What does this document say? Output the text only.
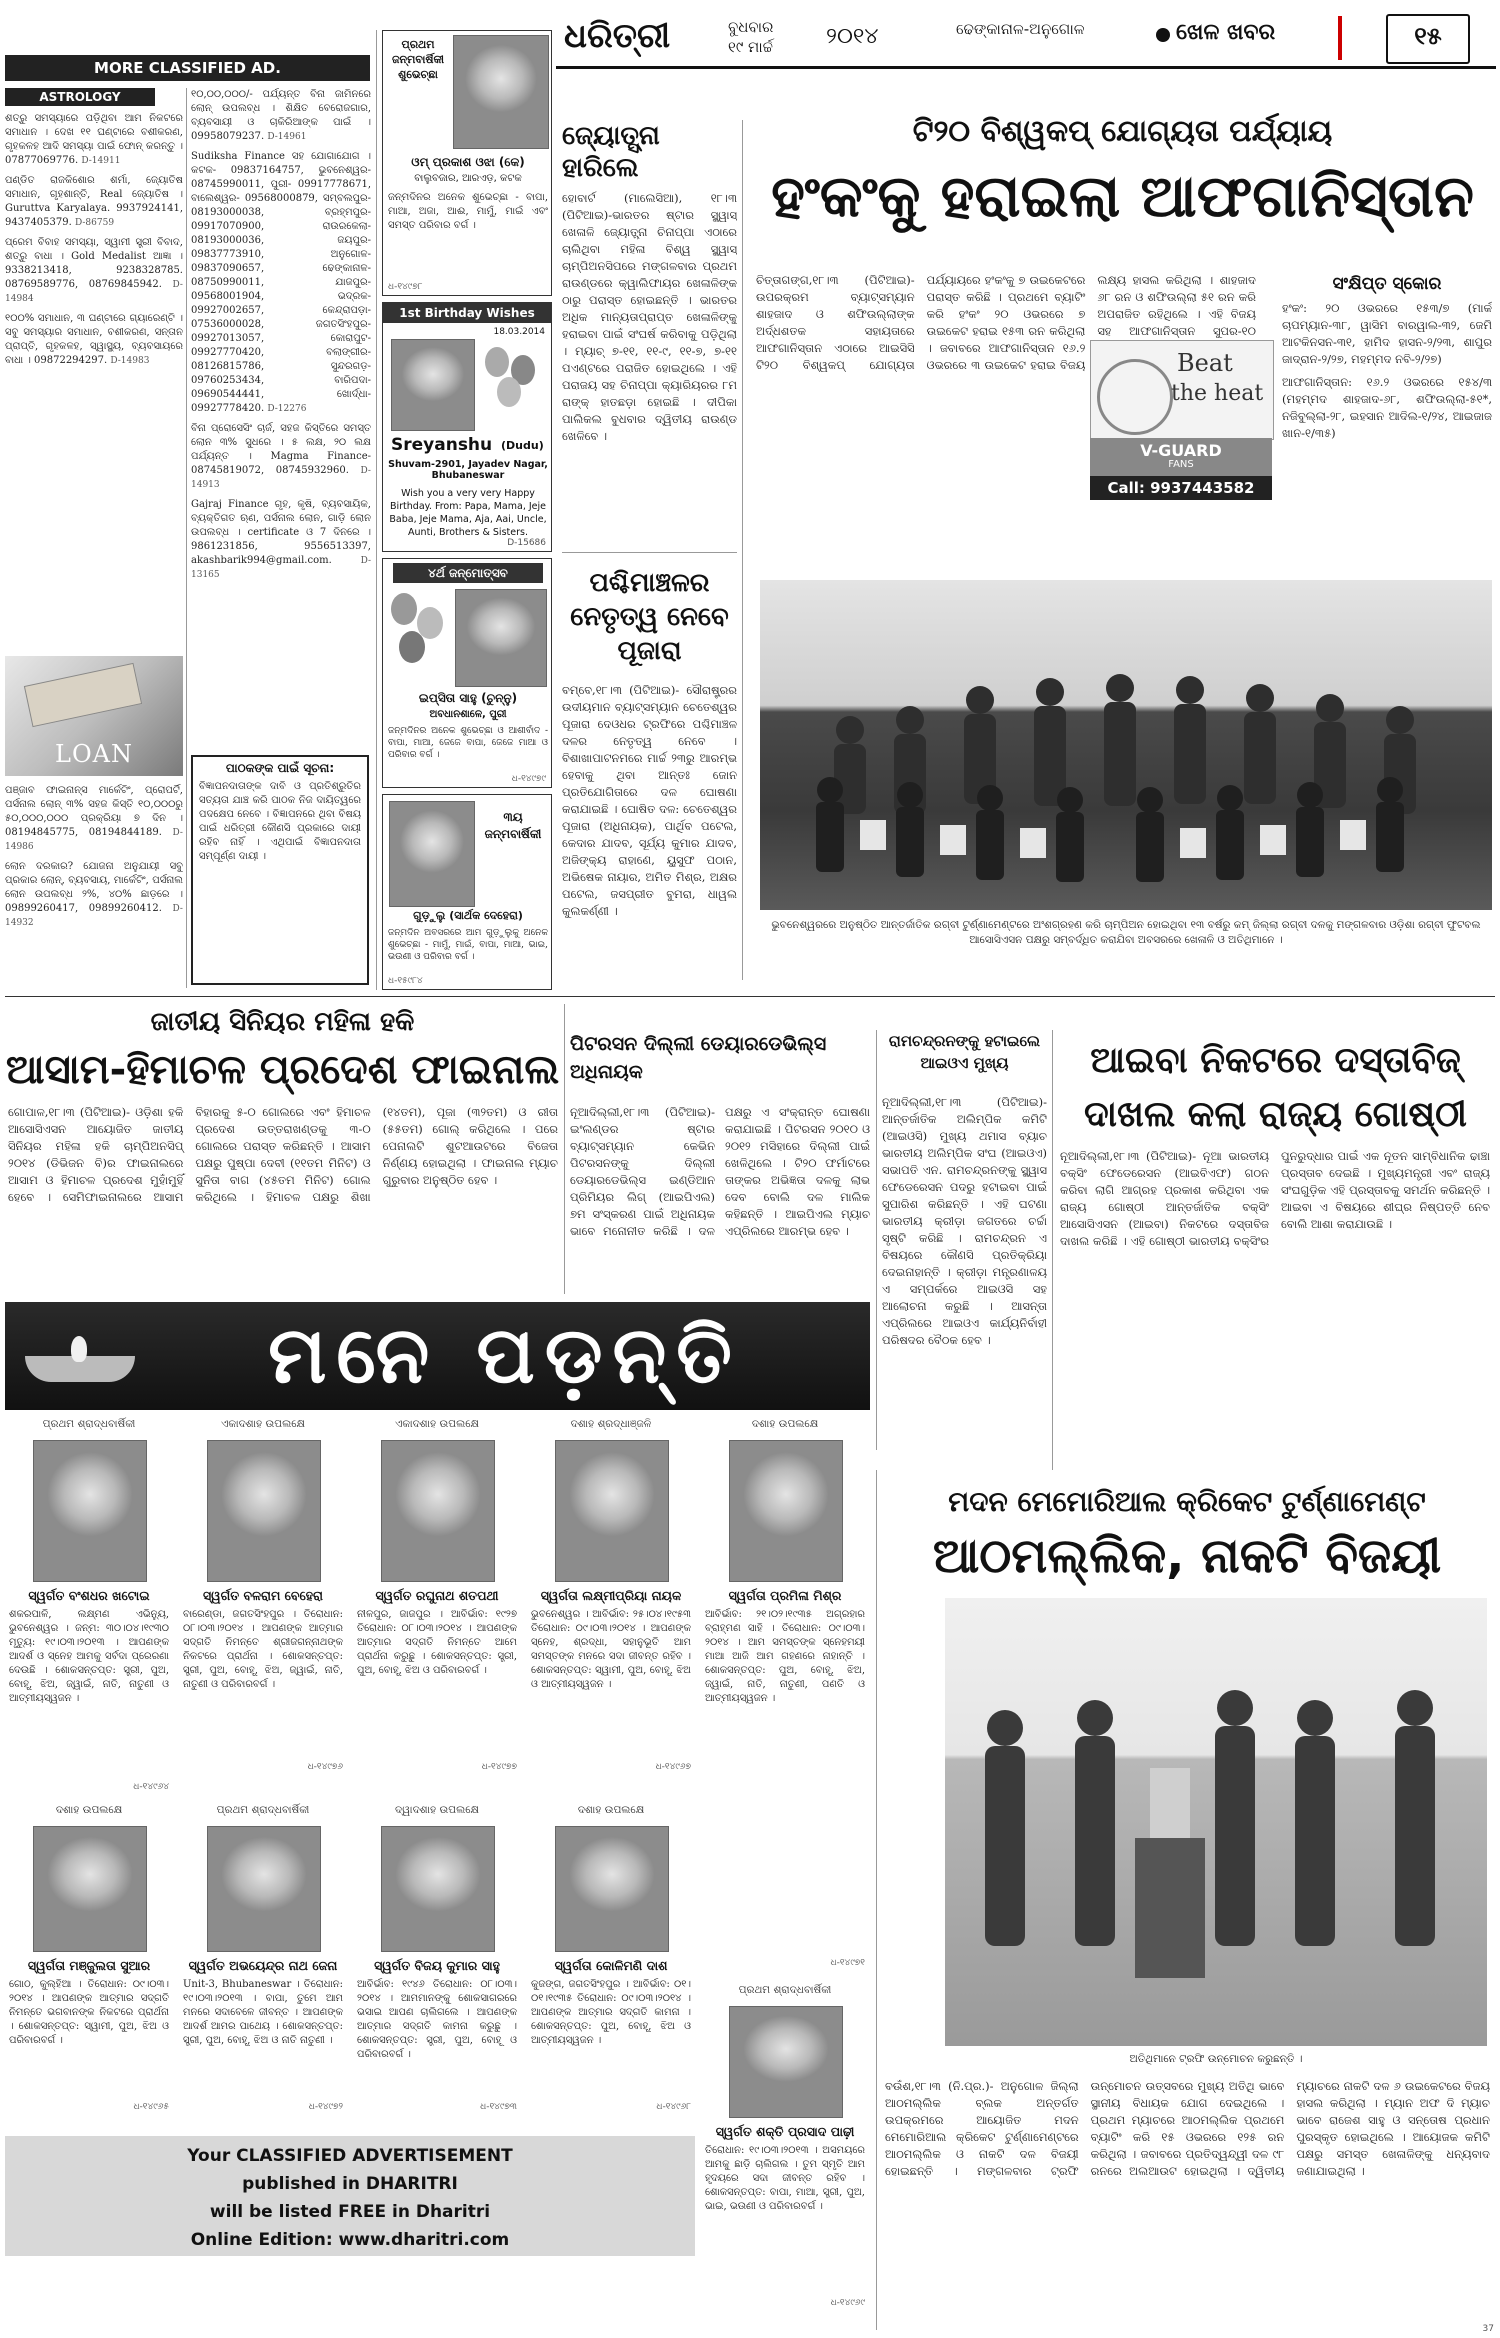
MORE CLASSIFIED AD.
ASTROLOGY

ଶତ୍ରୁ ସମସ୍ୟାରେ ପଡ଼ିଥିବା ଆମ ନିକଟରେ ସମାଧାନ । ଦେଖ ୧୧ ଘଣ୍ଟାରେ ବଶୀକରଣ, ଗୃହକଳହ ଆଦି ସମସ୍ୟା ପାଇଁ ଫୋନ୍ କରନ୍ତୁ । 07877069776. D-14911

ପଣ୍ଡିତ ରାଜକିଶୋର ଶର୍ମା, ଜ୍ୟୋତିଷ ସମାଧାନ, ଗୃହଶାନ୍ତି, Real ଜ୍ୟୋତିଷ । Guruttva Karyalaya. 9937924141, 9437405379. D-86759

ପ୍ରେମ ବିବାହ ସମସ୍ୟା, ସ୍ୱାମୀ ସ୍ତ୍ରୀ ବିବାଦ, ଶତ୍ରୁ ବାଧା । Gold Medalist ଆଜ୍ଞା । 9338213418, 9238328785. 08769589776, 08769845942. D-14984

୧୦୦% ସମାଧାନ, ୩ ଘଣ୍ଟାରେ ଗ୍ୟାରେଣ୍ଟି । ସବୁ ସମସ୍ୟାର ସମାଧାନ, ବଶୀକରଣ, ସନ୍ତାନ ପ୍ରାପ୍ତି, ଗୃହକଳହ, ସ୍ୱାସ୍ଥ୍ୟ, ବ୍ୟବସାୟରେ ବାଧା । 09872294297. D-14983

LOAN

ପଞ୍ଜାବ ଫାଇନାନ୍ସ ମାର୍କେଟିଂ, ପ୍ରୋପର୍ଟି, ପର୍ସନାଲ ଲୋନ୍ ୩% ସହଜ କିସ୍ତି ୧୦,୦୦୦ରୁ ୫୦,୦୦୦,୦୦୦ ପ୍ରକ୍ରିୟା ୭ ଦିନ । 08194845775, 08194844189. D-14986

ଲୋନ ଦରକାର? ଯୋଜନା ଅନୁଯାୟୀ ସବୁ ପ୍ରକାର ଲୋନ୍, ବ୍ୟବସାୟ, ମାର୍କେଟିଂ, ପର୍ସନାଲ ଲୋନ ଉପଲବ୍ଧ ୨%, ୪୦% ଛାଡ଼ରେ । 09899260417, 09899260412. D-14932

୧୦,୦୦,୦୦୦/- ପର୍ଯ୍ୟନ୍ତ ବିନା ଜାମିନରେ ଲୋନ୍ ଉପଲବ୍ଧ । ଶିକ୍ଷିତ ବେରୋଜଗାର, ବ୍ୟବସାୟୀ ଓ ଚାକିରିଆଙ୍କ ପାଇଁ । 09958079237. D-14961

Sudiksha Finance ସହ ଯୋଗାଯୋଗ । କଟକ- 09837164757, ଭୁବନେଶ୍ୱର- 08745990011, ପୁରୀ- 09917778671, ବାଲେଶ୍ୱର- 09568000879, ସମ୍ବଲପୁର- 08193000038, ବ୍ରହ୍ମପୁର- 09917070900, ରାଉରକେଲା- 08193000036, ଜୟପୁର- 09837773910, ଅନୁଗୋଳ- 09837090657, ଢେଙ୍କାନାଳ- 08750990011, ଯାଜପୁର- 09568001904, ଭଦ୍ରକ- 09927002657, କେନ୍ଦ୍ରାପଡ଼ା- 07536000028, ଜଗତସିଂହପୁର- 09927013057, କୋରାପୁଟ- 09927770420, ବଲାଙ୍ଗୀର- 08126815786, ସୁନ୍ଦରଗଡ଼- 09760253434, ବାରିପଦା- 09690544441, ଖୋର୍ଦ୍ଧା- 09927778420. D-12276

ବିନା ପ୍ରୋସେସିଂ ଚାର୍ଜ, ସହଜ କିସ୍ତିରେ ସମସ୍ତ ଲୋନ ୩% ସୁଧରେ । ୫ ଲକ୍ଷ, ୨୦ ଲକ୍ଷ ପର୍ଯ୍ୟନ୍ତ । Magma Finance- 08745819072, 08745932960. D-14913

Gajraj Finance ଗୃହ, କୃଷି, ବ୍ୟବସାୟିକ, ବ୍ୟକ୍ତିଗତ ଋଣ, ପର୍ସନାଲ ଲୋନ, ଗାଡ଼ି ଲୋନ ଉପଲବ୍ଧ । certificate ଓ 7 ଦିନରେ । 9861231856, 9556513397, akashbarik994@gmail.com.	D-13165

ପାଠକଙ୍କ ପାଇଁ ସୂଚନା:
ବିଜ୍ଞାପନଦାତାଙ୍କ ଦାବି ଓ ପ୍ରତିଶ୍ରୁତିର ସତ୍ୟତା ଯାଞ୍ଚ କରି ପାଠକ ନିଜ ଦାୟିତ୍ୱରେ ପଦକ୍ଷେପ ନେବେ । ବିଜ୍ଞାପନରେ ଥିବା ବିଷୟ ପାଇଁ ଧରିତ୍ରୀ କୌଣସି ପ୍ରକାରେ ଦାୟୀ ରହିବ ନାହିଁ । ଏଥିପାଇଁ ବିଜ୍ଞାପନଦାତା ସମ୍ପୂର୍ଣ୍ଣ ଦାୟୀ ।
ପ୍ରଥମ ଜନ୍ମବାର୍ଷିକୀ ଶୁଭେଚ୍ଛା
ଓମ୍ ପ୍ରକାଶ ଓଝା (କେ)
ବାଲୁବଜାର, ଆରଏଡ଼, କଟକ
ଜନ୍ମଦିନର ଅନେକ ଶୁଭେଚ୍ଛା - ବାପା, ମାଆ, ଅଜା, ଆଈ, ମାମୁଁ, ମାଇଁ ଏବଂ ସମସ୍ତ ପରିବାର ବର୍ଗ ।
ଧ-୧୪୯୭୮
1st Birthday Wishes
18.03.2014
Sreyanshu (Dudu)
Shuvam-2901, Jayadev Nagar, Bhubaneswar
Wish you a very very Happy Birthday. From: Papa, Mama, Jeje Baba, Jeje Mama, Aja, Aai, Uncle, Aunti, Brothers & Sisters.
D-15686
୪ର୍ଥ ଜନ୍ମୋତ୍ସବ
ଇପ୍ସିତା ସାହୁ (ଚୁନ୍ନୁ)
ଅବଧାନଶାଳେ, ପୁରୀ
ଜନ୍ମଦିନର ଅନେକ ଶୁଭେଚ୍ଛା ଓ ଆଶୀର୍ବାଦ - ବାପା, ମାଆ, ଜେଜେ ବାପା, ଜେଜେ ମାଆ ଓ ପରିବାର ବର୍ଗ ।
ଧ-୧୪୯୭୯
୩ୟ ଜନ୍ମବାର୍ଷିକୀ
ଗୁଡ଼ୁଲୁ (ସାର୍ଥକ ଦେହେରା)
ଜନ୍ମଦିନ ଅବସରରେ ଆମ ଗୁଡ଼ୁଲୁକୁ ଅନେକ ଶୁଭେଚ୍ଛା - ମାମୁଁ, ମାଇଁ, ବାପା, ମାଆ, ଭାଇ, ଭଉଣୀ ଓ ପରିବାର ବର୍ଗ ।
ଧ-୧୫୯୮୪
ଧରିତ୍ରୀ	ବୁଧବାର
୧୯ ମାର୍ଚ୍ଚ ୨୦୧୪	ଢେଙ୍କାନାଳ-ଅନୁଗୋଳ	ଖେଳ ଖବର	୧୫
ଜ୍ୟୋତ୍ସ୍ନା ହାରିଲେ
ହୋବାର୍ଟ (ମାଲେସିଆ), ୧୮।୩ (ପିଟିଆଇ)-ଭାରତର ଷ୍ଟାର ସ୍କ୍ୱାସ୍ ଖେଳାଳି ଜ୍ୟୋତ୍ସ୍ନା ଚିନାପ୍ପା ଏଠାରେ ଚାଲିଥିବା ମହିଳା ବିଶ୍ୱ ସ୍କ୍ୱାସ୍ ଚାମ୍ପିଅନସିପରେ ମଙ୍ଗଳବାର ପ୍ରଥମ ରାଉଣ୍ଡରେ କ୍ୱାଲିଫାୟର ଖେଳାଳିଙ୍କ ଠାରୁ ପରାସ୍ତ ହୋଇଛନ୍ତି । ଭାରତର ଅଧିକ ମାନ୍ୟତାପ୍ରାପ୍ତ ଖେଳାଳିଙ୍କୁ ହରାଇବା ପାଇଁ ସଂଘର୍ଷ କରିବାକୁ ପଡ଼ିଥିଲା । ମ୍ୟାଚ୍ ୭-୧୧, ୧୧-୯, ୧୧-୭, ୭-୧୧ ପଏଣ୍ଟରେ ପରାଜିତ ହୋଇଥିଲେ । ଏହି ପରାଜୟ ସହ ଚିନାପ୍ପା କ୍ୟାରିୟରର ୮ମ ରାଙ୍କ୍ ହାତଛଡ଼ା ହୋଇଛି । ଦୀପିକା ପାଲିକଲ ବୁଧବାର ଦ୍ୱିତୀୟ ରାଉଣ୍ଡ ଖେଳିବେ ।
ପଶ୍ଚିମାଞ୍ଚଳର ନେତୃତ୍ୱ ନେବେ ପୂଜାରା
ବମ୍ବେ,୧୮।୩ (ପିଟିଆଇ)- ସୌରାଷ୍ଟ୍ରର ଉଦୀୟମାନ ବ୍ୟାଟ୍ସମ୍ୟାନ ଚେତେଶ୍ୱର ପୂଜାରା ଦେଓଧର ଟ୍ରଫିରେ ପଶ୍ଚିମାଞ୍ଚଳ ଦଳର ନେତୃତ୍ୱ ନେବେ । ବିଶାଖାପାଟନମରେ ମାର୍ଚ୍ଚ ୨୩ରୁ ଆରମ୍ଭ ହେବାକୁ ଥିବା ଆନ୍ତଃ ଜୋନ ପ୍ରତିଯୋଗିତାରେ ଦଳ ଘୋଷଣା କରାଯାଇଛି । ଘୋଷିତ ଦଳ: ଚେତେଶ୍ୱର ପୂଜାରା (ଅଧିନାୟକ), ପାର୍ଥିବ ପଟେଲ, କେଦାର ଯାଦବ, ସୂର୍ଯ୍ୟ କୁମାର ଯାଦବ, ଅଜିଙ୍କ୍ୟ ରାହାଣେ, ୟୁସୁଫ ପଠାନ, ଅଭିଷେକ ନାୟାର, ଅମିତ ମିଶ୍ର, ଅକ୍ଷର ପଟେଲ, ଜସପ୍ରୀତ ବୁମରା, ଧାୱଲ କୁଲକର୍ଣ୍ଣୀ ।
ଟି୨୦ ବିଶ୍ୱକପ୍ ଯୋଗ୍ୟତା ପର୍ଯ୍ୟାୟ
ହଂକଂକୁ ହରାଇଲା ଆଫଗାନିସ୍ତାନ
ଚିତ୍ତାଗଙ୍ଗ,୧୮।୩ (ପିଟିଆଇ)- ଉପରକ୍ରମ ବ୍ୟାଟ୍ସମ୍ୟାନ ଶାହଜାଦ ଓ ଶଫିଉଲ୍ଲାଙ୍କ ଅର୍ଦ୍ଧଶତକ ସହାୟତାରେ ଆଫଗାନିସ୍ତାନ ଏଠାରେ ଆଇସିସି ଟି୨୦ ବିଶ୍ୱକପ୍ ଯୋଗ୍ୟତା ପର୍ଯ୍ୟାୟରେ ହଂକଂକୁ ୭ ଉଇକେଟରେ ପରାସ୍ତ କରିଛି । ପ୍ରଥମେ ବ୍ୟାଟିଂ କରି ହଂକଂ ୨୦ ଓଭରରେ ୭ ଉଇକେଟ ହରାଇ ୧୫୩ ରନ କରିଥିଲା । ଜବାବରେ ଆଫଗାନିସ୍ତାନ ୧୬.୨ ଓଭରରେ ୩ ଉଇକେଟ ହରାଇ ବିଜୟ ଲକ୍ଷ୍ୟ ହାସଲ କରିଥିଲା । ଶାହଜାଦ ୬୮ ରନ ଓ ଶଫିଉଲ୍ଲା ୫୧ ରନ କରି ଅପରାଜିତ ରହିଥିଲେ । ଏହି ବିଜୟ ସହ ଆଫଗାନିସ୍ତାନ ସୁପର-୧୦
Beat
the heat
V-GUARD
FANS
Call: 9937443582
ସଂକ୍ଷିପ୍ତ ସ୍କୋର
ହଂକଂ: ୨୦ ଓଭରରେ ୧୫୩/୭ (ମାର୍କ ଚାପମ୍ୟାନ-୩୮, ୱାସିମ ବାରୱାଲ-୩୨, ଜେମି ଆଟକିନସନ-୩୧, ହାମିଦ ହାସନ-୨/୨୩, ଶାପୁର ଜାଦ୍ରାନ-୨/୨୭, ମହମ୍ମଦ ନବି-୨/୨୭)
ଆଫଗାନିସ୍ତାନ: ୧୬.୨ ଓଭରରେ ୧୫୪/୩ (ମହମ୍ମଦ ଶାହଜାଦ-୬୮, ଶଫିଉଲ୍ଲା-୫୧*, ନଜିବୁଲ୍ଲା-୨୮, ଇହସାନ ଆଦିଲ-୧/୨୪, ଆଇଜାଜ ଖାନ-୧/୩୫)
ଭୁବନେଶ୍ୱରରେ ଅନୁଷ୍ଠିତ ଆନ୍ତର୍ଜାତିକ ରଗ୍‌ବୀ ଟୁର୍ଣ୍ଣାମେଣ୍ଟରେ ଅଂଶଗ୍ରହଣ କରି ଚାମ୍ପିଅନ ହୋଇଥିବା ୧୩ ବର୍ଷରୁ କମ୍ ଜିଲ୍ଲା ରଗ୍‌ବୀ ଦଳକୁ ମଙ୍ଗଳବାର ଓଡ଼ିଶା ରଗ୍‌ବୀ ଫୁଟବଲ ଆସୋସିଏସନ ପକ୍ଷରୁ ସମ୍ବର୍ଦ୍ଧିତ କରାଯିବା ଅବସରରେ ଖେଳାଳି ଓ ଅତିଥିମାନେ ।
ଜାତୀୟ ସିନିୟର ମହିଳା ହକି
ଆସାମ-ହିମାଚଳ ପ୍ରଦେଶ ଫାଇନାଲ
ଗୋପାଳ,୧୮।୩ (ପିଟିଆଇ)- ଓଡ଼ିଶା ହକି ଆସୋସିଏସନ ଆୟୋଜିତ ଜାତୀୟ ସିନିୟର ମହିଳା ହକି ଚାମ୍ପିଅନସିପ୍ ୨୦୧୪ (ଡିଭିଜନ ବି)ର ଫାଇନାଲରେ ଆସାମ ଓ ହିମାଚଳ ପ୍ରଦେଶ ମୁହାଁମୁହିଁ ହେବେ । ସେମିଫାଇନାଲରେ ଆସାମ ବିହାରକୁ ୫-୦ ଗୋଲରେ ଏବଂ ହିମାଚଳ ପ୍ରଦେଶ ଉତ୍ତରାଖଣ୍ଡକୁ ୩-୦ ଗୋଲରେ ପରାସ୍ତ କରିଛନ୍ତି । ଆସାମ ପକ୍ଷରୁ ପୁଷ୍ପା ଦେବୀ (୧୧ତମ ମିନିଟ) ଓ ସୁନିତା ବାଗ (୪୫ତମ ମିନିଟ) ଗୋଲ କରିଥିଲେ । ହିମାଚଳ ପକ୍ଷରୁ ଶିଖା (୧୪ତମ), ପୂଜା (୩୨ତମ) ଓ ରୀତା (୫୫ତମ) ଗୋଲ୍ କରିଥିଲେ । ପରେ ପେନାଲଟି ଶୁଟଆଉଟରେ ବିଜେତା ନିର୍ଣ୍ଣୟ ହୋଇଥିଲା । ଫାଇନାଲ ମ୍ୟାଚ ଗୁରୁବାର ଅନୁଷ୍ଠିତ ହେବ ।
ପିଟରସନ ଦିଲ୍ଲୀ ଡେୟାରଡେଭିଲ୍ସ ଅଧିନାୟକ
ନୂଆଦିଲ୍ଲୀ,୧୮।୩ (ପିଟିଆଇ)- ଇଂଲଣ୍ଡର ଷ୍ଟାର ବ୍ୟାଟ୍ସମ୍ୟାନ କେଭିନ ପିଟରସନଙ୍କୁ ଦିଲ୍ଲୀ ଡେୟାରଡେଭିଲ୍ସ ଇଣ୍ଡିଆନ ପ୍ରିମିୟର ଲିଗ୍ (ଆଇପିଏଲ) ୭ମ ସଂସ୍କରଣ ପାଇଁ ଅଧିନାୟକ ଭାବେ ମନୋନୀତ କରିଛି । ଦଳ ପକ୍ଷରୁ ଏ ସଂକ୍ରାନ୍ତ ଘୋଷଣା କରାଯାଇଛି । ପିଟରସନ ୨୦୧୦ ଓ ୨୦୧୨ ମସିହାରେ ଦିଲ୍ଲୀ ପାଇଁ ଖେଳିଥିଲେ । ଟି୨୦ ଫର୍ମାଟରେ ତାଙ୍କର ଅଭିଜ୍ଞତା ଦଳକୁ ଲାଭ ଦେବ ବୋଲି ଦଳ ମାଲିକ କହିଛନ୍ତି । ଆଇପିଏଲ ମ୍ୟାଚ ଏପ୍ରିଲରେ ଆରମ୍ଭ ହେବ ।
ରାମଚନ୍ଦ୍ରନଙ୍କୁ ହଟାଇଲେ ଆଇଓଏ ମୁଖ୍ୟ
ନୂଆଦିଲ୍ଲୀ,୧୮।୩ (ପିଟିଆଇ)- ଆନ୍ତର୍ଜାତିକ ଅଲିମ୍ପିକ କମିଟି (ଆଇଓସି) ମୁଖ୍ୟ ଥମାସ ବ୍ୟାଚ ଭାରତୀୟ ଅଲିମ୍ପିକ ସଂଘ (ଆଇଓଏ) ସଭାପତି ଏନ. ରାମଚନ୍ଦ୍ରନଙ୍କୁ ସ୍କ୍ୱାସ ଫେଡେରେସନ ପଦରୁ ହଟାଇବା ପାଇଁ ସୁପାରିଶ କରିଛନ୍ତି । ଏହି ଘଟଣା ଭାରତୀୟ କ୍ରୀଡ଼ା ଜଗତରେ ଚର୍ଚ୍ଚା ସୃଷ୍ଟି କରିଛି । ରାମଚନ୍ଦ୍ରନ ଏ ବିଷୟରେ କୌଣସି ପ୍ରତିକ୍ରିୟା ଦେଇନାହାନ୍ତି । କ୍ରୀଡ଼ା ମନ୍ତ୍ରଣାଳୟ ଏ ସମ୍ପର୍କରେ ଆଇଓସି ସହ ଆଲୋଚନା କରୁଛି । ଆସନ୍ତା ଏପ୍ରିଲରେ ଆଇଓଏ କାର୍ଯ୍ୟନିର୍ବାହୀ ପରିଷଦର ବୈଠକ ହେବ ।
ଆଇବା ନିକଟରେ ଦସ୍ତାବିଜ୍ ଦାଖଲ କଲା ରାଜ୍ୟ ଗୋଷ୍ଠୀ
ନୂଆଦିଲ୍ଲୀ,୧୮।୩ (ପିଟିଆଇ)- ନୂଆ ଭାରତୀୟ ବକ୍ସିଂ ଫେଡେରେସନ (ଆଇବିଏଫ) ଗଠନ କରିବା ଲାଗି ଆଗ୍ରହ ପ୍ରକାଶ କରିଥିବା ଏକ ରାଜ୍ୟ ଗୋଷ୍ଠୀ ଆନ୍ତର୍ଜାତିକ ବକ୍ସିଂ ଆସୋସିଏସନ (ଆଇବା) ନିକଟରେ ଦସ୍ତାବିଜ ଦାଖଲ କରିଛି । ଏହି ଗୋଷ୍ଠୀ ଭାରତୀୟ ବକ୍ସିଂର ପୁନରୁଦ୍ଧାର ପାଇଁ ଏକ ନୂତନ ସାମ୍ବିଧାନିକ ଢାଞ୍ଚା ପ୍ରସ୍ତାବ ଦେଇଛି । ମୁଖ୍ୟମନ୍ତ୍ରୀ ଏବଂ ରାଜ୍ୟ ସଂଘଗୁଡ଼ିକ ଏହି ପ୍ରସ୍ତାବକୁ ସମର୍ଥନ କରିଛନ୍ତି । ଆଇବା ଏ ବିଷୟରେ ଶୀଘ୍ର ନିଷ୍ପତ୍ତି ନେବ ବୋଲି ଆଶା କରାଯାଉଛି ।
ମନେ ପଡ଼ନ୍ତି
ପ୍ରଥମ ଶ୍ରାଦ୍ଧବାର୍ଷିକୀ
ସ୍ୱର୍ଗତ ବଂଶଧର ଖଟୋଇ
ଶକରପାଳି, ଲକ୍ଷ୍ମଣ ଏଭିନ୍ୟୁ, ଭୁବନେଶ୍ୱର । ଜନ୍ମ: ୩୦।୦୪।୧୯୩୦ ମୃତ୍ୟୁ: ୧୯।୦୩।୨୦୧୩ । ଆପଣଙ୍କ ଆଦର୍ଶ ଓ ସ୍ନେହ ଆମକୁ ସର୍ବଦା ପ୍ରେରଣା ଦେଉଛି । ଶୋକସନ୍ତପ୍ତ: ସ୍ତ୍ରୀ, ପୁଅ, ବୋହୂ, ଝିଅ, ଜ୍ୱାଇଁ, ନାତି, ନାତୁଣୀ ଓ ଆତ୍ମୀୟସ୍ୱଜନ ।
ଧ-୧୪୯୬୪
ଏକାଦଶାହ ଉପଲକ୍ଷେ
ସ୍ୱର୍ଗତ ବଳରାମ ବେହେରା
ବାରେଣ୍ଡା, ଜଗତସିଂହପୁର । ତିରୋଧାନ: ୦୮।୦୩।୨୦୧୪ । ଆପଣଙ୍କ ଆତ୍ମାର ସଦ୍‌ଗତି ନିମନ୍ତେ ଶ୍ରୀଜଗନ୍ନାଥଙ୍କ ନିକଟରେ ପ୍ରାର୍ଥନା । ଶୋକସନ୍ତପ୍ତ: ସ୍ତ୍ରୀ, ପୁଅ, ବୋହୂ, ଝିଅ, ଜ୍ୱାଇଁ, ନାତି, ନାତୁଣୀ ଓ ପରିବାରବର୍ଗ ।
ଧ-୧୪୯୭୬
ଏକାଦଶାହ ଉପଲକ୍ଷେ
ସ୍ୱର୍ଗତ ରଘୁନାଥ ଶତପଥୀ
ନୀଳପୁର, ଜାଜପୁର । ଆବିର୍ଭାବ: ୧୯୨୭ ତିରୋଧାନ: ୦୮।୦୩।୨୦୧୪ । ଆପଣଙ୍କ ଆତ୍ମାର ସଦ୍‌ଗତି ନିମନ୍ତେ ଆମେ ପ୍ରାର୍ଥନା କରୁଛୁ । ଶୋକସନ୍ତପ୍ତ: ସ୍ତ୍ରୀ, ପୁଅ, ବୋହୂ, ଝିଅ ଓ ପରିବାରବର୍ଗ ।
ଧ-୧୪୯୭୭
ଦଶାହ ଶ୍ରଦ୍ଧାଞ୍ଜଳି
ସ୍ୱର୍ଗତା ଲକ୍ଷ୍ମୀପ୍ରିୟା ନାୟକ
ଭୁବନେଶ୍ୱର । ଆବିର୍ଭାବ: ୨୫।୦୪।୧୯୫୩ ତିରୋଧାନ: ୦୯।୦୩।୨୦୧୪ । ଆପଣଙ୍କ ସ୍ନେହ, ଶ୍ରଦ୍ଧା, ସହାନୁଭୂତି ଆମ ସମସ୍ତଙ୍କ ମନରେ ସଦା ଜୀବନ୍ତ ରହିବ । ଶୋକସନ୍ତପ୍ତ: ସ୍ୱାମୀ, ପୁଅ, ବୋହୂ, ଝିଅ ଓ ଆତ୍ମୀୟସ୍ୱଜନ ।
ଧ-୧୪୯୬୭
ଦଶାହ ଉପଲକ୍ଷେ
ସ୍ୱର୍ଗତା ପ୍ରମିଳା ମିଶ୍ର
ଆବିର୍ଭାବ: ୨୧।୦୨।୧୯୩୫ ଅଗ୍ରହାର ବ୍ରାହ୍ମଣ ସାହି । ତିରୋଧାନ: ୦୯।୦୩।୨୦୧୪ । ଆମ ସମସ୍ତଙ୍କ ସ୍ନେହମୟୀ ମାଆ ଆଜି ଆମ ଗହଣରେ ନାହାନ୍ତି । ଶୋକସନ୍ତପ୍ତ: ପୁଅ, ବୋହୂ, ଝିଅ, ଜ୍ୱାଇଁ, ନାତି, ନାତୁଣୀ, ପଣତି ଓ ଆତ୍ମୀୟସ୍ୱଜନ ।
ଧ-୧୪୯୭୧
ଦଶାହ ଉପଲକ୍ଷେ
ସ୍ୱର୍ଗତା ମଞ୍ଜୁଲତା ସୁଆର
ଗୋଠ, କୁଲ୍‌ହିଆ । ତିରୋଧାନ: ୦୯।୦୩।୨୦୧୪ । ଆପଣଙ୍କ ଆତ୍ମାର ସଦ୍‌ଗତି ନିମନ୍ତେ ଭଗବାନଙ୍କ ନିକଟରେ ପ୍ରାର୍ଥନା । ଶୋକସନ୍ତପ୍ତ: ସ୍ୱାମୀ, ପୁଅ, ଝିଅ ଓ ପରିବାରବର୍ଗ ।
ଧ-୧୪୯୬୫
ପ୍ରଥମ ଶ୍ରାଦ୍ଧବାର୍ଷିକୀ
ସ୍ୱର୍ଗତ ଅଭୟେନ୍ଦ୍ର ନାଥ ଜେନା
Unit-3, Bhubaneswar । ତିରୋଧାନ: ୧୯।୦୩।୨୦୧୩ । ବାପା, ତୁମେ ଆମ ମନରେ ସଦାବେଳେ ଜୀବନ୍ତ । ଆପଣଙ୍କ ଆଦର୍ଶ ଆମର ପାଥେୟ । ଶୋକସନ୍ତପ୍ତ: ସ୍ତ୍ରୀ, ପୁଅ, ବୋହୂ, ଝିଅ ଓ ନାତି ନାତୁଣୀ ।
ଧ-୧୪୯୭୨
ଦ୍ୱାଦଶାହ ଉପଲକ୍ଷେ
ସ୍ୱର୍ଗତ ବିଜୟ କୁମାର ସାହୁ
ଆବିର୍ଭାବ: ୧୯୪୬ ତିରୋଧାନ: ୦୮।୦୩।୨୦୧୪ । ଆମମାନଙ୍କୁ ଶୋକସାଗରରେ ଭସାଇ ଆପଣ ଚାଲିଗଲେ । ଆପଣଙ୍କ ଆତ୍ମାର ସଦ୍‌ଗତି କାମନା କରୁଛୁ । ଶୋକସନ୍ତପ୍ତ: ସ୍ତ୍ରୀ, ପୁଅ, ବୋହୂ ଓ ପରିବାରବର୍ଗ ।
ଧ-୧୪୯୭୩
ଦଶାହ ଉପଲକ୍ଷେ
ସ୍ୱର୍ଗତା କୋଳିମଣି ଦାଶ
କୁଜଙ୍ଗ, ଜଗତସିଂହପୁର । ଆବିର୍ଭାବ: ୦୧।୦୧।୧୯୩୫ ତିରୋଧାନ: ୦୯।୦୩।୨୦୧୪ । ଆପଣଙ୍କ ଆତ୍ମାର ସଦ୍‌ଗତି କାମନା । ଶୋକସନ୍ତପ୍ତ: ପୁଅ, ବୋହୂ, ଝିଅ ଓ ଆତ୍ମୀୟସ୍ୱଜନ ।
ଧ-୧୪୯୬୮
ପ୍ରଥମ ଶ୍ରାଦ୍ଧବାର୍ଷିକୀ
ସ୍ୱର୍ଗତ ଶକ୍ତି ପ୍ରସାଦ ପାଢ଼ୀ
ତିରୋଧାନ: ୧୯।୦୩।୨୦୧୩ । ଅସମୟରେ ଆମକୁ ଛାଡ଼ି ଚାଲିଗଲ । ତୁମ ସ୍ମୃତି ଆମ ହୃଦୟରେ ସଦା ଜୀବନ୍ତ ରହିବ । ଶୋକସନ୍ତପ୍ତ: ବାପା, ମାଆ, ସ୍ତ୍ରୀ, ପୁଅ, ଭାଇ, ଭଉଣୀ ଓ ପରିବାରବର୍ଗ ।
ଧ-୧୪୯୬୯
Your CLASSIFIED ADVERTISEMENT
published in DHARITRI
will be listed FREE in Dharitri
Online Edition: www.dharitri.com
ମଦନ ମେମୋରିଆଲ କ୍ରିକେଟ ଟୁର୍ଣ୍ଣାମେଣ୍ଟ
ଆଠମଲ୍ଲିକ, ନାକଟି ବିଜୟୀ
ଅତିଥିମାନେ ଟ୍ରଫି ଉନ୍ମୋଚନ କରୁଛନ୍ତି ।
ବଉଁଶ,୧୮।୩ (ନି.ପ୍ର.)- ଅନୁଗୋଳ ଜିଲ୍ଲା ଆଠମଲ୍ଲିକ ବ୍ଲକ ଅନ୍ତର୍ଗତ ଉପକ୍ରମରେ ଆୟୋଜିତ ମଦନ ମେମୋରିଆଲ କ୍ରିକେଟ ଟୁର୍ଣ୍ଣାମେଣ୍ଟରେ ଆଠମଲ୍ଲିକ ଓ ନାକଟି ଦଳ ବିଜୟୀ ହୋଇଛନ୍ତି । ମଙ୍ଗଳବାର ଟ୍ରଫି ଉନ୍ମୋଚନ ଉତ୍ସବରେ ମୁଖ୍ୟ ଅତିଥି ଭାବେ ସ୍ଥାନୀୟ ବିଧାୟକ ଯୋଗ ଦେଇଥିଲେ । ପ୍ରଥମ ମ୍ୟାଚରେ ଆଠମଲ୍ଲିକ ପ୍ରଥମେ ବ୍ୟାଟିଂ କରି ୧୫ ଓଭରରେ ୧୨୫ ରନ କରିଥିଲା । ଜବାବରେ ପ୍ରତିଦ୍ୱନ୍ଦ୍ୱୀ ଦଳ ୯୮ ରନରେ ଅଲଆଉଟ ହୋଇଥିଲା । ଦ୍ୱିତୀୟ ମ୍ୟାଚରେ ନାକଟି ଦଳ ୬ ଉଇକେଟରେ ବିଜୟ ହାସଲ କରିଥିଲା । ମ୍ୟାନ ଅଫ ଦି ମ୍ୟାଚ ଭାବେ ରାଜେଶ ସାହୁ ଓ ସନ୍ତୋଷ ପ୍ରଧାନ ପୁରସ୍କୃତ ହୋଇଥିଲେ । ଆୟୋଜକ କମିଟି ପକ୍ଷରୁ ସମସ୍ତ ଖେଳାଳିଙ୍କୁ ଧନ୍ୟବାଦ ଜଣାଯାଇଥିଲା ।
37
